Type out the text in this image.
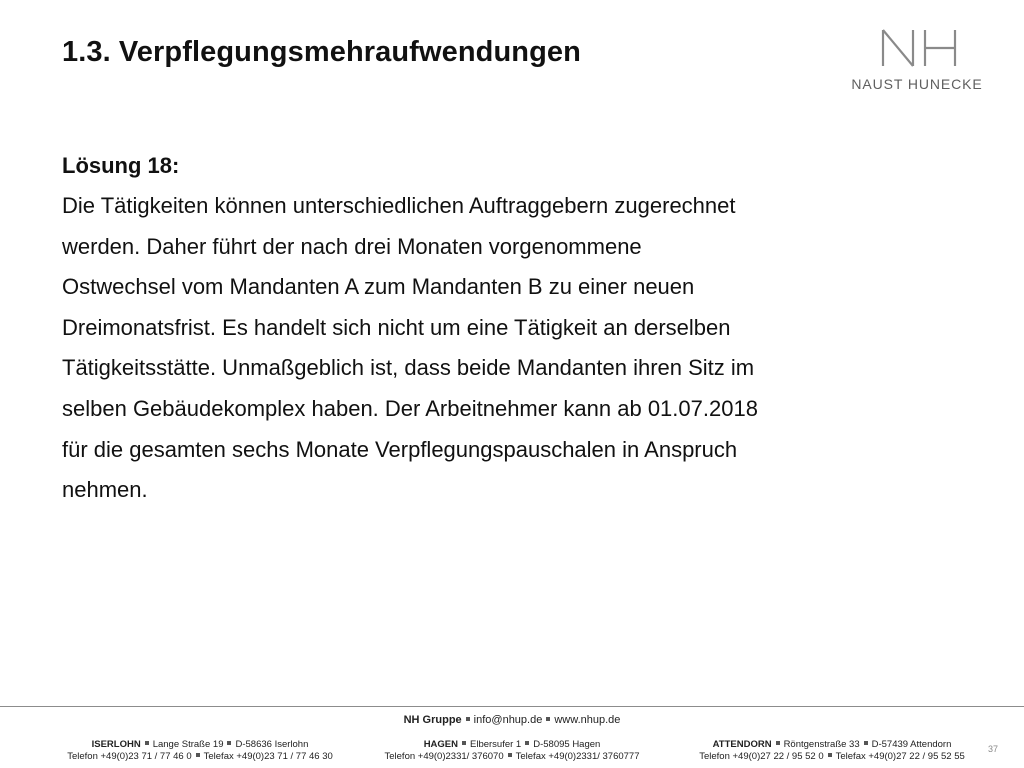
1.3. Verpflegungsmehraufwendungen
NAUST HUNECKE

Lösung 18:

Die Tätigkeiten können unterschiedlichen Auftraggebern zugerechnet
werden. Daher führt der nach drei Monaten vorgenommene
Ostwechsel vom Mandanten A zum Mandanten B zu einer neuen
Dreimonatsfrist. Es handelt sich nicht um eine Tätigkeit an derselben
Tätigkeitsstätte. Unmaßgeblich ist, dass beide Mandanten ihren Sitz im
selben Gebäudekomplex haben. Der Arbeitnehmer kann ab 01.07.2018
für die gesamten sechs Monate Verpflegungspauschalen in Anspruch
nehmen.

NH Gruppe info@nhup.de www.nhup.de
ISERLOHN Lange Straße 19 D-58636 Iserlohn
Telefon +49(0)23 71 / 77 46 0 Telefax +49(0)23 71 / 77 46 30
HAGEN Elbersufer 1 D-58095 Hagen
Telefon +49(0)2331/ 376070 Telefax +49(0)2331/ 3760777
ATTENDORN Röntgenstraße 33 D-57439 Attendorn
Telefon +49(0)27 22 / 95 52 0 Telefax +49(0)27 22 / 95 52 55
37
